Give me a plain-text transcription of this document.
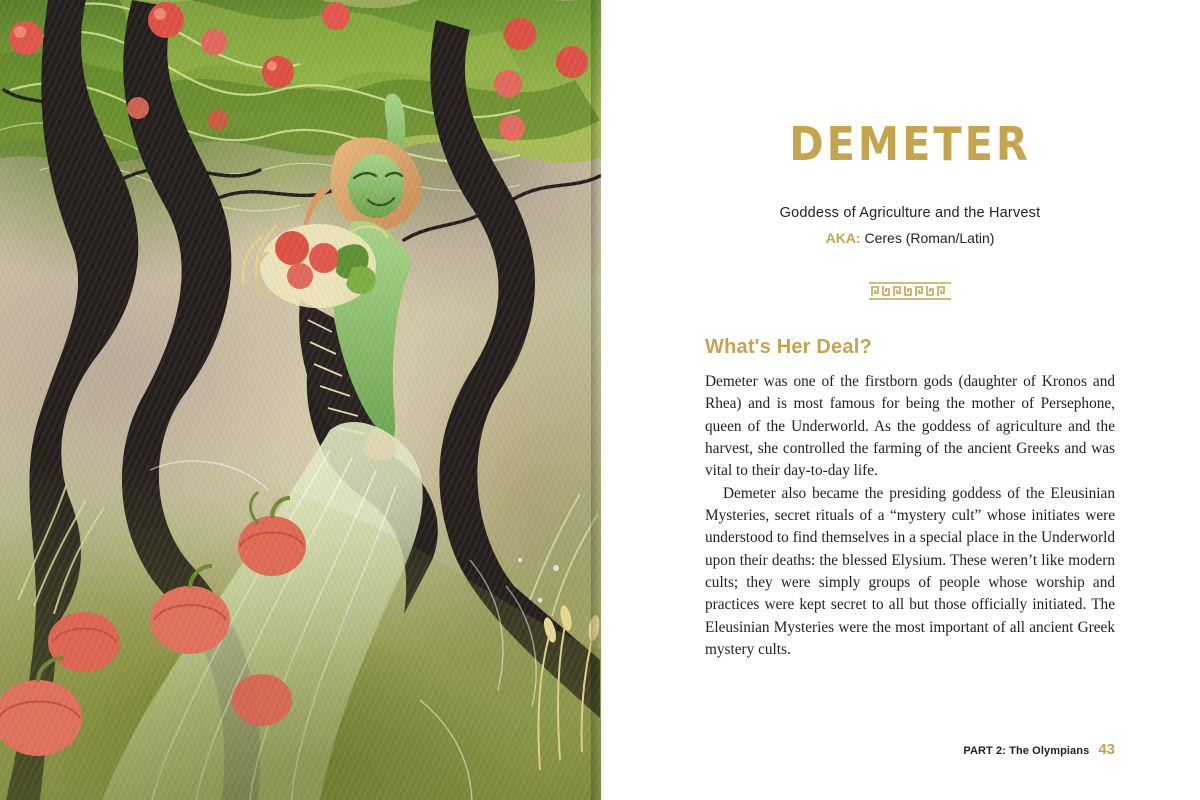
DEMETER

Goddess of Agriculture and the Harvest

AKA: Ceres (Roman/Latin)

What's Her Deal?

Demeter was one of the firstborn gods (daughter of Kronos and Rhea) and is most famous for being the mother of Persephone, queen of the Underworld. As the goddess of agriculture and the harvest, she controlled the farming of the ancient Greeks and was vital to their day-to-day life.

Demeter also became the presiding goddess of the Eleusinian Mysteries, secret rituals of a “mystery cult” whose initiates were understood to find themselves in a special place in the Underworld upon their deaths: the blessed Elysium. These weren’t like modern cults; they were simply groups of people whose worship and practices were kept secret to all but those officially initiated. The Eleusinian Mysteries were the most important of all ancient Greek mystery cults.

PART 2: The Olympians 43
